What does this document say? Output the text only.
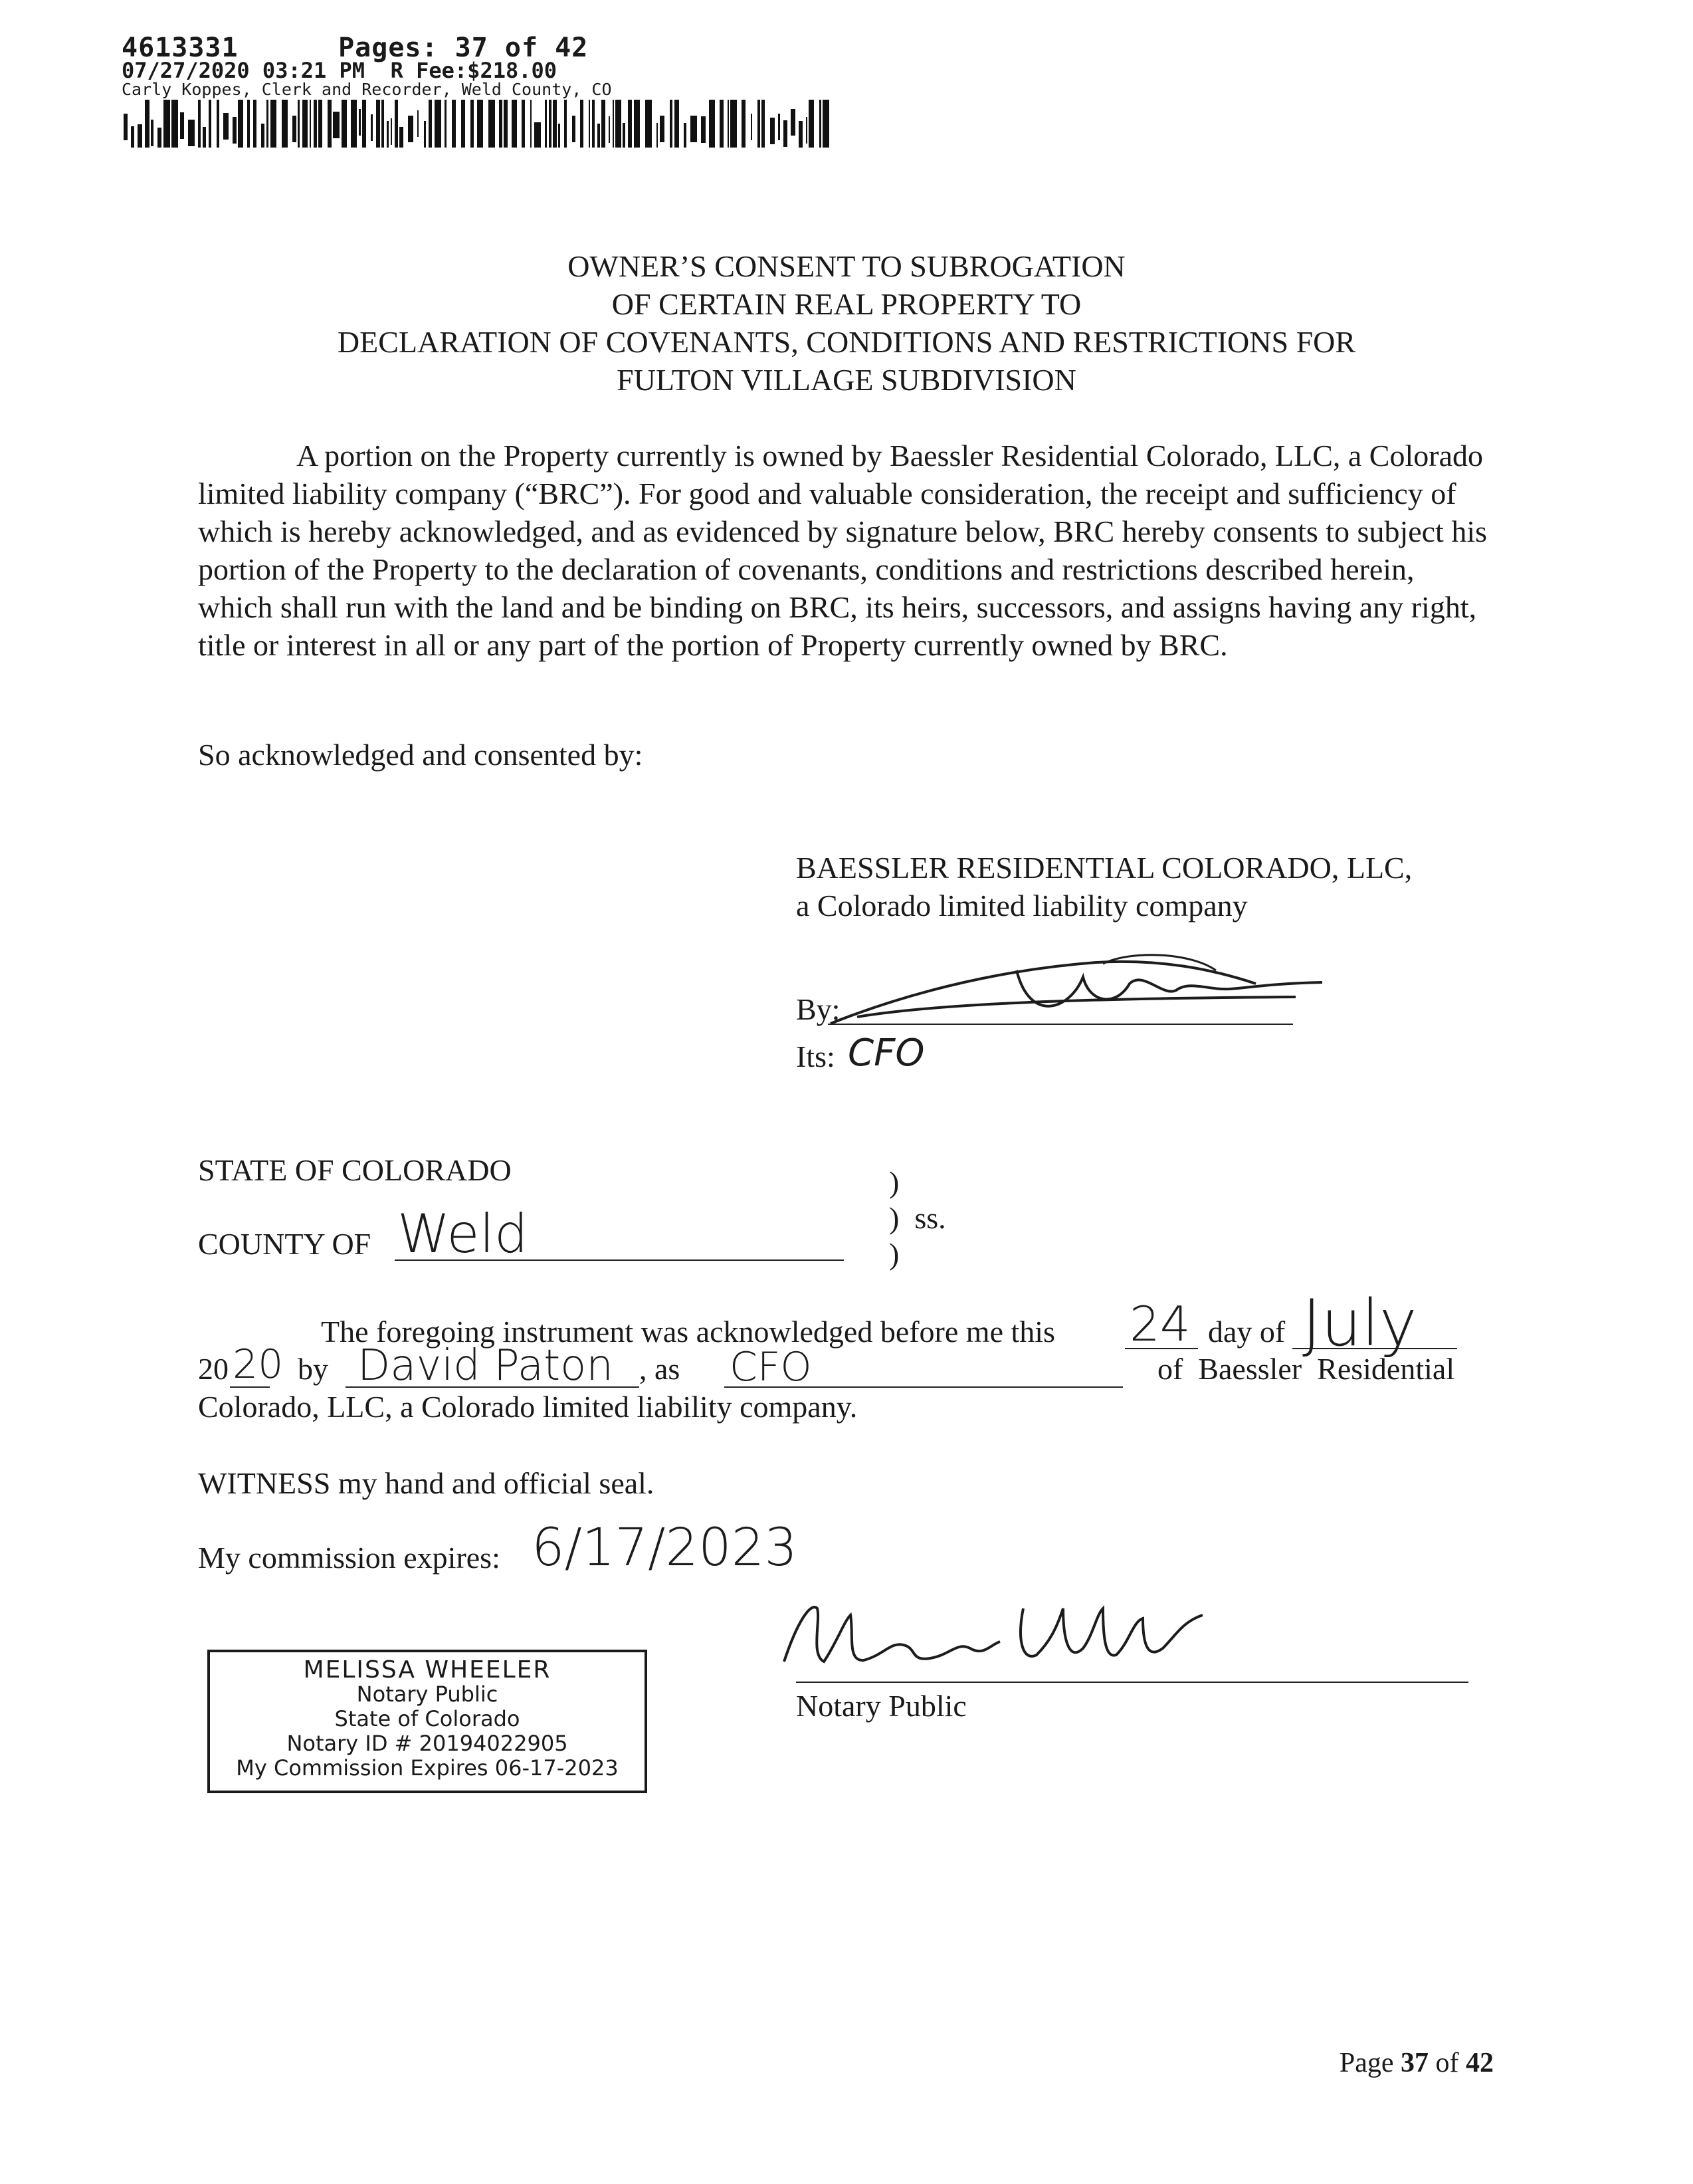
4613331	Pages: 37 of 42
07/27/2020 03:21 PM R Fee:$218.00
Carly Koppes, Clerk and Recorder, Weld County, CO
OWNER’S CONSENT TO SUBROGATION
OF CERTAIN REAL PROPERTY TO
DECLARATION OF COVENANTS, CONDITIONS AND RESTRICTIONS FOR
FULTON VILLAGE SUBDIVISION
A portion on the Property currently is owned by Baessler Residential Colorado, LLC, a Colorado limited liability company (“BRC”). For good and valuable consideration, the receipt and sufficiency of which is hereby acknowledged, and as evidenced by signature below, BRC hereby consents to subject his portion of the Property to the declaration of covenants, conditions and restrictions described herein, which shall run with the land and be binding on BRC, its heirs, successors, and assigns having any right, title or interest in all or any part of the portion of Property currently owned by BRC.
So acknowledged and consented by:
BAESSLER RESIDENTIAL COLORADO, LLC,
a Colorado limited liability company
By:
Its: CFO
STATE OF COLORADO
COUNTY OF Weld
)
)  ss.
)
The foregoing instrument was acknowledged before me this 24 day of July
20 20 by David Paton , as CFO	of  Baessler  Residential
Colorado, LLC, a Colorado limited liability company.
WITNESS my hand and official seal.
My commission expires: 6/17/2023
Notary Public
MELISSA WHEELER
Notary Public
State of Colorado
Notary ID # 20194022905
My Commission Expires 06-17-2023
Page 37 of 42
